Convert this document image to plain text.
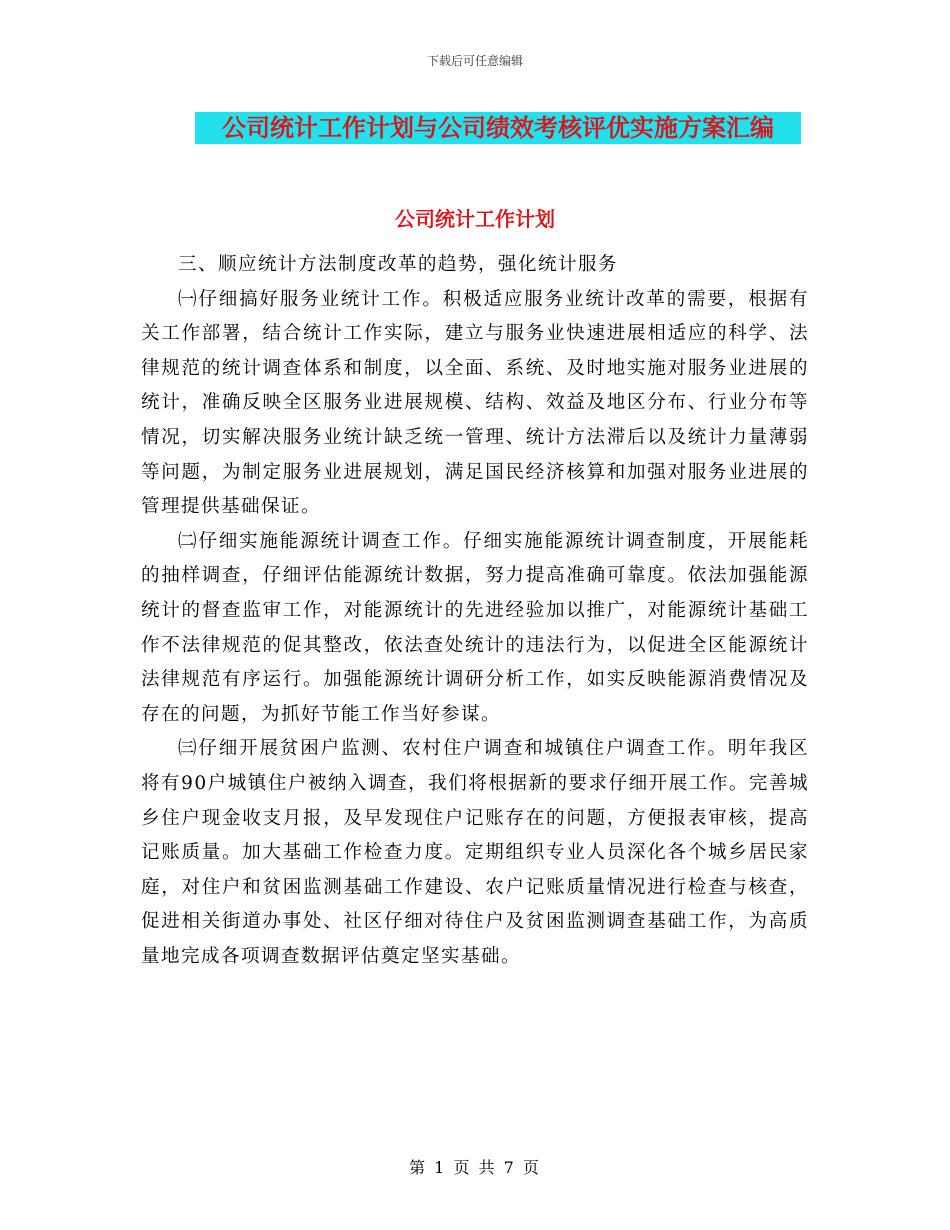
下载后可任意编辑
公司统计工作计划与公司绩效考核评优实施方案汇编
公司统计工作计划

三、顺应统计方法制度改革的趋势，强化统计服务

㈠仔细搞好服务业统计工作。积极适应服务业统计改革的需要，根据有关工作部署，结合统计工作实际，建立与服务业快速进展相适应的科学、法律规范的统计调查体系和制度，以全面、系统、及时地实施对服务业进展的统计，准确反映全区服务业进展规模、结构、效益及地区分布、行业分布等情况，切实解决服务业统计缺乏统一管理、统计方法滞后以及统计力量薄弱等问题，为制定服务业进展规划，满足国民经济核算和加强对服务业进展的管理提供基础保证。

㈡仔细实施能源统计调查工作。仔细实施能源统计调查制度，开展能耗的抽样调查，仔细评估能源统计数据，努力提高准确可靠度。依法加强能源统计的督查监审工作，对能源统计的先进经验加以推广，对能源统计基础工作不法律规范的促其整改，依法查处统计的违法行为，以促进全区能源统计法律规范有序运行。加强能源统计调研分析工作，如实反映能源消费情况及存在的问题，为抓好节能工作当好参谋。

㈢仔细开展贫困户监测、农村住户调查和城镇住户调查工作。明年我区将有90户城镇住户被纳入调查，我们将根据新的要求仔细开展工作。完善城乡住户现金收支月报，及早发现住户记账存在的问题，方便报表审核，提高记账质量。加大基础工作检查力度。定期组织专业人员深化各个城乡居民家庭，对住户和贫困监测基础工作建设、农户记账质量情况进行检查与核查，促进相关街道办事处、社区仔细对待住户及贫困监测调查基础工作，为高质量地完成各项调查数据评估奠定坚实基础。

第 1 页 共 7 页
